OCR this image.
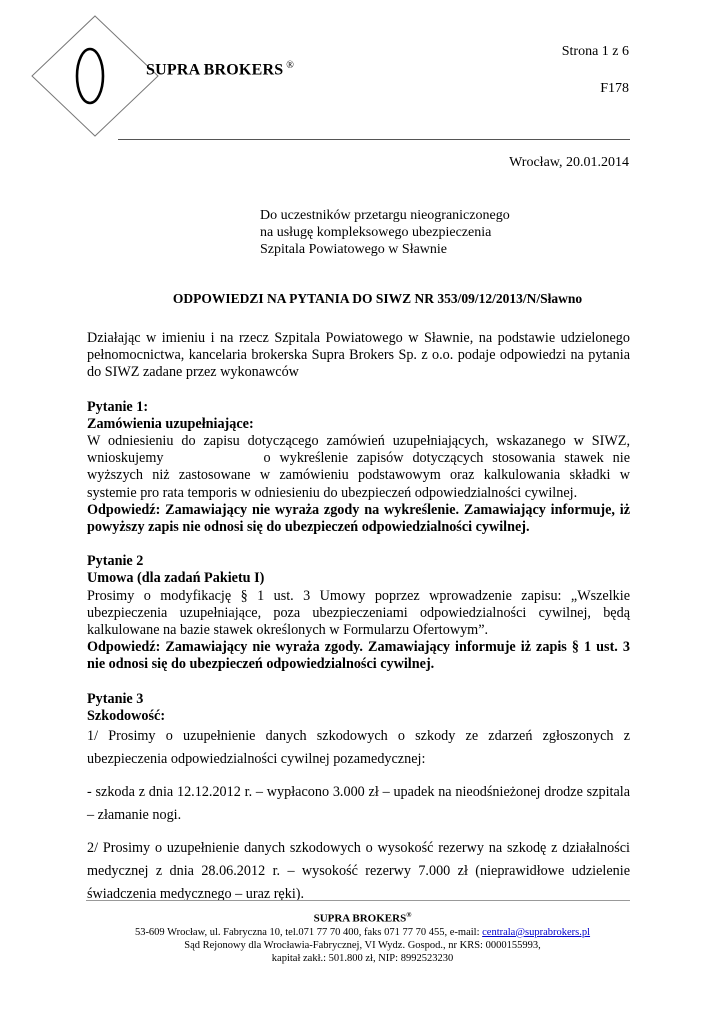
SUPRA BROKERS ®
Strona 1 z 6
F178
Wrocław, 20.01.2014
Do uczestników przetargu nieograniczonego
na usługę kompleksowego ubezpieczenia
Szpitala Powiatowego w Sławnie
ODPOWIEDZI NA PYTANIA DO SIWZ NR 353/09/12/2013/N/Sławno

Działając w imieniu i na rzecz Szpitala Powiatowego w Sławnie, na podstawie udzielonego pełnomocnictwa, kancelaria brokerska Supra Brokers Sp. z o.o. podaje odpowiedzi na pytania do SIWZ zadane przez wykonawców

Pytanie 1:

Zamówienia uzupełniające:

W odniesieniu do zapisu dotyczącego zamówień uzupełniających, wskazanego w SIWZ, wnioskujemy	o wykreślenie zapisów dotyczących stosowania stawek nie wyższych niż zastosowane w zamówieniu podstawowym oraz kalkulowania składki w systemie pro rata temporis w odniesieniu do ubezpieczeń odpowiedzialności cywilnej.

Odpowiedź: Zamawiający nie wyraża zgody na wykreślenie. Zamawiający informuje, iż powyższy zapis nie odnosi się do ubezpieczeń odpowiedzialności cywilnej.

Pytanie 2

Umowa (dla zadań Pakietu I)

Prosimy o modyfikację § 1 ust. 3 Umowy poprzez wprowadzenie zapisu: „Wszelkie ubezpieczenia uzupełniające, poza ubezpieczeniami odpowiedzialności cywilnej, będą kalkulowane na bazie stawek określonych w Formularzu Ofertowym”.

Odpowiedź: Zamawiający nie wyraża zgody. Zamawiający informuje iż zapis § 1 ust. 3 nie odnosi się do ubezpieczeń odpowiedzialności cywilnej.

Pytanie 3

Szkodowość:

1/ Prosimy o uzupełnienie danych szkodowych o szkody ze zdarzeń zgłoszonych z ubezpieczenia odpowiedzialności cywilnej pozamedycznej:

- szkoda z dnia 12.12.2012 r. – wypłacono 3.000 zł – upadek na nieodśnieżonej drodze szpitala – złamanie nogi.

2/ Prosimy o uzupełnienie danych szkodowych o wysokość rezerwy na szkodę z działalności medycznej z dnia 28.06.2012 r. – wysokość rezerwy 7.000 zł (nieprawidłowe udzielenie świadczenia medycznego – uraz ręki).

SUPRA BROKERS®
53-609 Wrocław, ul. Fabryczna 10, tel.071 77 70 400, faks 071 77 70 455, e-mail: centrala@suprabrokers.pl
Sąd Rejonowy dla Wrocławia-Fabrycznej, VI Wydz. Gospod., nr KRS: 0000155993,
kapitał zakł.: 501.800 zł, NIP: 8992523230
